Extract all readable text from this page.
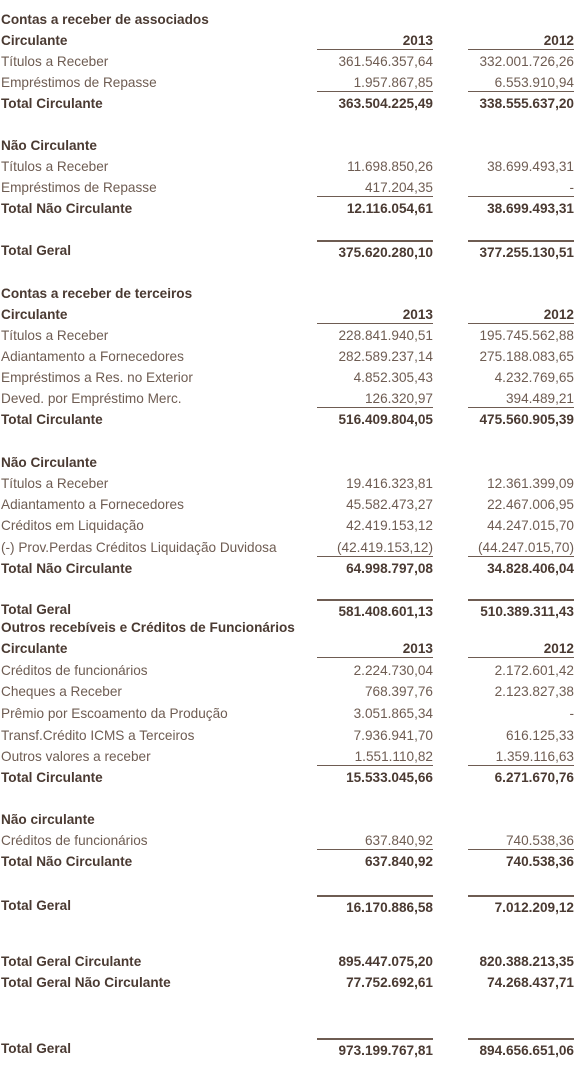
Contas a receber de associados
Circulante	2013	2012
Títulos a Receber	361.546.357,64	332.001.726,26
Empréstimos de Repasse	1.957.867,85	6.553.910,94
Total Circulante	363.504.225,49	338.555.637,20
Não Circulante
Títulos a Receber	11.698.850,26	38.699.493,31
Empréstimos de Repasse	417.204,35	-
Total Não Circulante	12.116.054,61	38.699.493,31
Total Geral	375.620.280,10	377.255.130,51
Contas a receber de terceiros
Circulante	2013	2012
Títulos a Receber	228.841.940,51	195.745.562,88
Adiantamento a Fornecedores	282.589.237,14	275.188.083,65
Empréstimos a Res. no Exterior	4.852.305,43	4.232.769,65
Deved. por Empréstimo Merc.	126.320,97	394.489,21
Total Circulante	516.409.804,05	475.560.905,39
Não Circulante
Títulos a Receber	19.416.323,81	12.361.399,09
Adiantamento a Fornecedores	45.582.473,27	22.467.006,95
Créditos em Liquidação	42.419.153,12	44.247.015,70
(-) Prov.Perdas Créditos Liquidação Duvidosa	(42.419.153,12)	(44.247.015,70)
Total Não Circulante	64.998.797,08	34.828.406,04
Total Geral	581.408.601,13	510.389.311,43
Outros recebíveis e Créditos de Funcionários
Circulante	2013	2012
Créditos de funcionários	2.224.730,04	2.172.601,42
Cheques a Receber	768.397,76	2.123.827,38
Prêmio por Escoamento da Produção	3.051.865,34	-
Transf.Crédito ICMS a Terceiros	7.936.941,70	616.125,33
Outros valores a receber	1.551.110,82	1.359.116,63
Total Circulante	15.533.045,66	6.271.670,76
Não circulante
Créditos de funcionários	637.840,92	740.538,36
Total Não Circulante	637.840,92	740.538,36
Total Geral	16.170.886,58	7.012.209,12
Total Geral Circulante	895.447.075,20	820.388.213,35
Total Geral Não Circulante	77.752.692,61	74.268.437,71
Total Geral	973.199.767,81	894.656.651,06
